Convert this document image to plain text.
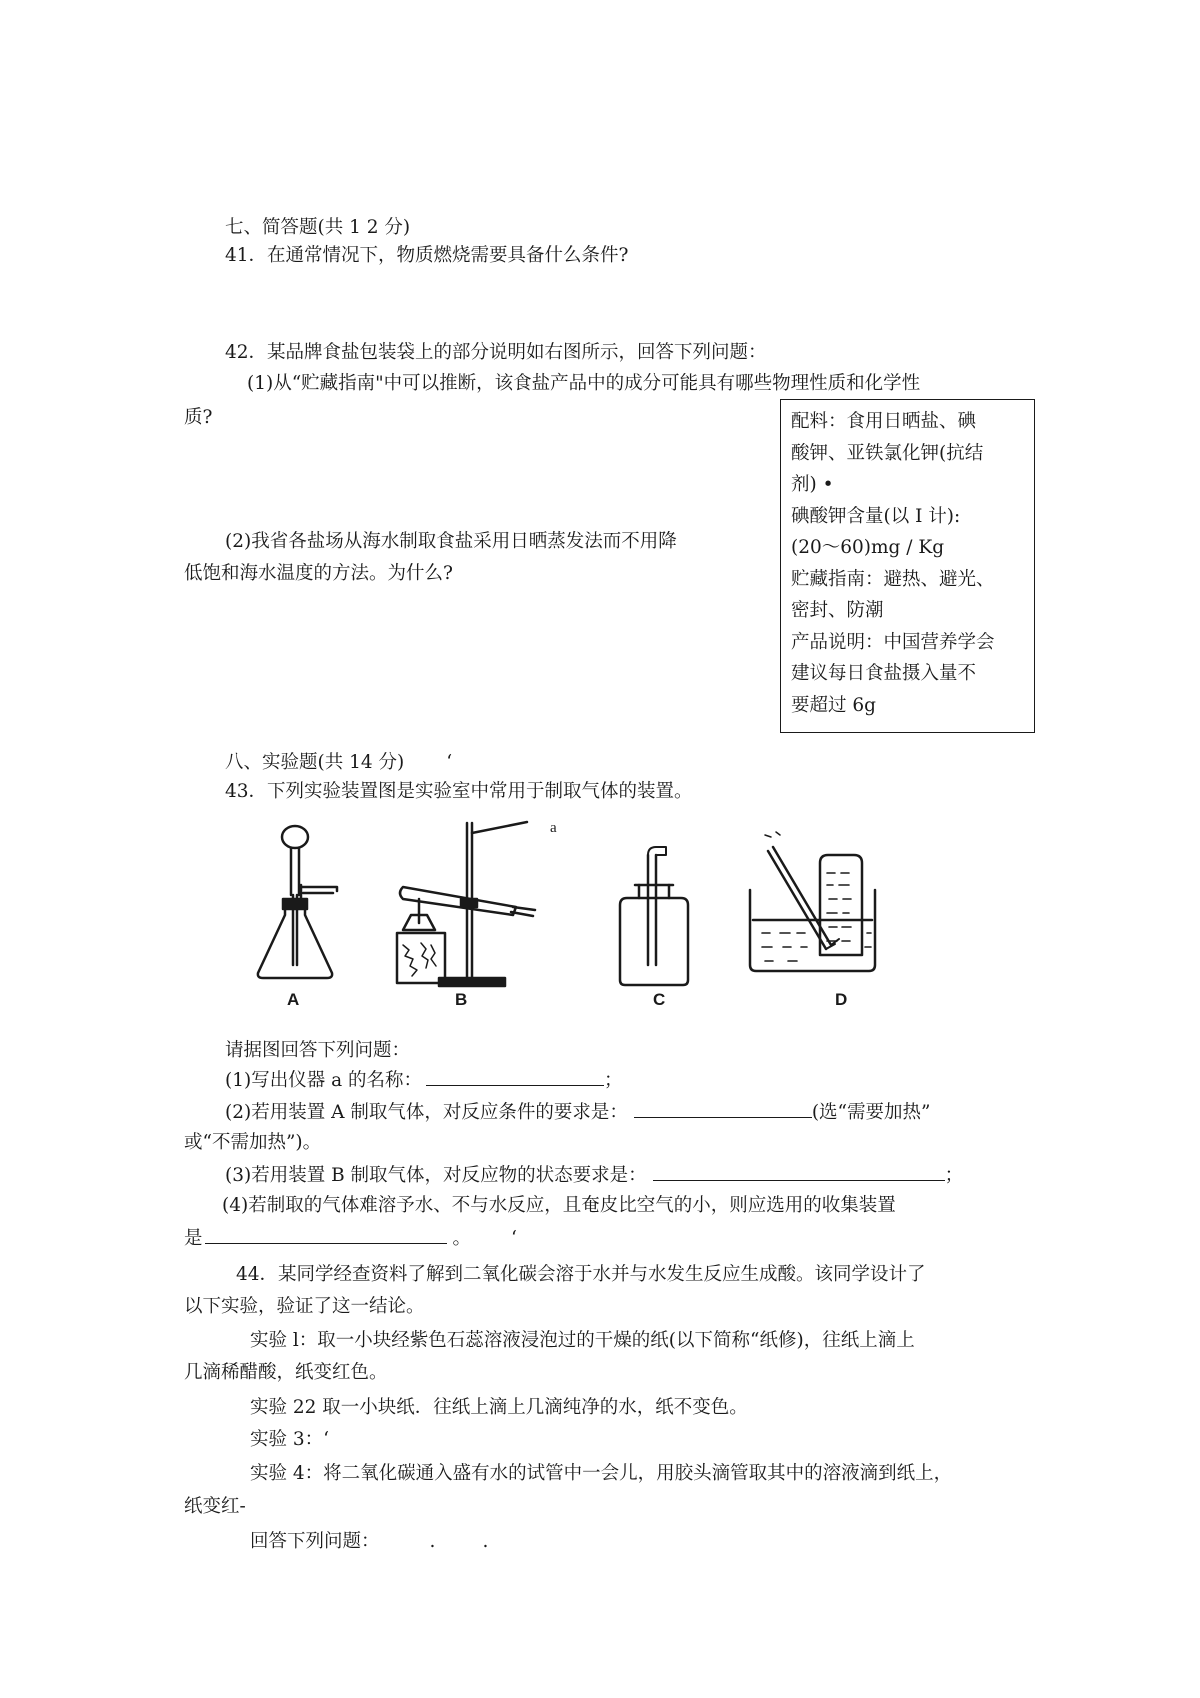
七、简答题(共 1 2 分)
41．在通常情况下，物质燃烧需要具备什么条件?
42．某品牌食盐包装袋上的部分说明如右图所示，回答下列问题：
(1)从“贮藏指南"中可以推断，该食盐产品中的成分可能具有哪些物理性质和化学性
质?	配料：食用日晒盐、碘
酸钾、亚铁氯化钾(抗结
剂) •
碘酸钾含量(以 I 计):
(20～60)mg / Kg
贮藏指南：避热、避光、
密封、防潮
产品说明：中国营养学会
建议每日食盐摄入量不
要超过 6g
(2)我省各盐场从海水制取食盐采用日晒蒸发法而不用降
低饱和海水温度的方法。为什么?
八、实验题(共 14 分) ‘
43．下列实验装置图是实验室中常用于制取气体的装置。
a
A	B	C	D
请据图回答下列问题：
(1)写出仪器 a 的名称：	；
(2)若用装置 A 制取气体，对反应条件的要求是：	(选“需要加热”
或“不需加热”)。
(3)若用装置 B 制取气体，对反应物的状态要求是：	；
(4)若制取的气体难溶予水、不与水反应，且奄皮比空气的小，则应选用的收集装置
是	。 ‘
44．某同学经查资料了解到二氧化碳会溶于水并与水发生反应生成酸。该同学设计了
以下实验，验证了这一结论。
实验 l：取一小块经紫色石蕊溶液浸泡过的干燥的纸(以下简称“纸修)，往纸上滴上
几滴稀醋酸，纸变红色。
实验 22 取一小块纸．往纸上滴上几滴纯净的水，纸不变色。
实验 3：‘
实验 4：将二氧化碳通入盛有水的试管中一会儿，用胶头滴管取其中的溶液滴到纸上，
纸变红-
回答下列问题：	.        .
